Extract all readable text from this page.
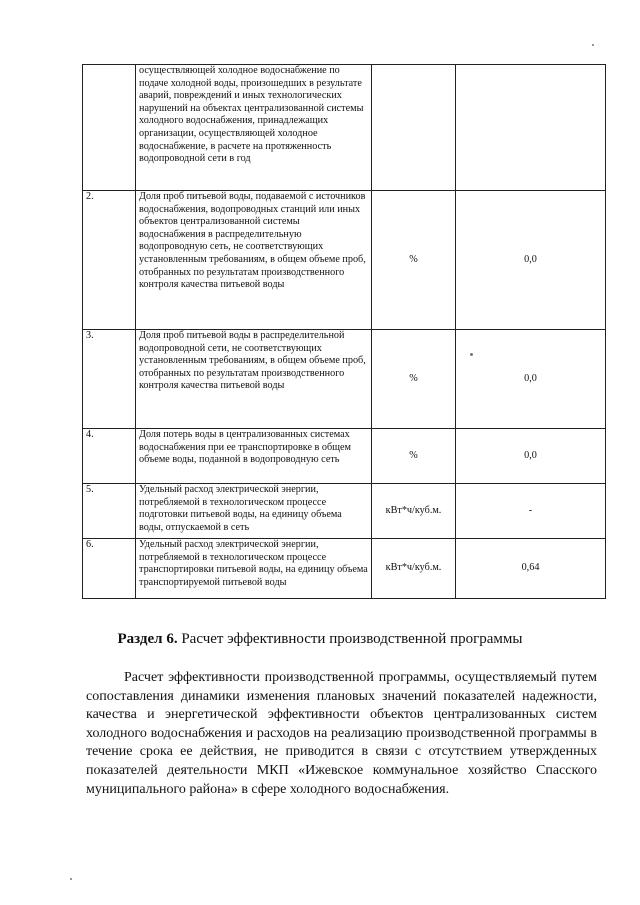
	осуществляющей холодное водоснабжение по подаче холодной воды, произошедших в результате аварий, повреждений и иных технологических нарушений на объектах централизованной системы холодного водоснабжения, принадлежащих организации, осуществляющей холодное водоснабжение, в расчете на протяженность водопроводной сети в год		
2.	Доля проб питьевой воды, подаваемой с источников водоснабжения, водопроводных станций или иных объектов централизованной системы водоснабжения в распределительную водопроводную сеть, не соответствующих установленным требованиям, в общем объеме проб, отобранных по результатам производственного контроля качества питьевой воды	%	0,0
3.	Доля проб питьевой воды в распределительной водопроводной сети, не соответствующих установленным требованиям, в общем объеме проб, отобранных по результатам производственного контроля качества питьевой воды	%	0,0
4.	Доля потерь воды в централизованных системах водоснабжения при ее транспортировке в общем объеме воды, поданной в водопроводную сеть	%	0,0
5.	Удельный расход электрической энергии, потребляемой в технологическом процессе подготовки питьевой воды, на единицу объема воды, отпускаемой в сеть	кВт*ч/куб.м.	-
6.	Удельный расход электрической энергии, потребляемой в технологическом процессе транспортировки питьевой воды, на единицу объема транспортируемой питьевой воды	кВт*ч/куб.м.	0,64
Раздел 6. Расчет эффективности производственной программы

Расчет эффективности производственной программы, осуществляемый путем сопоставления динамики изменения плановых значений показателей надежности, качества и энергетической эффективности объектов централизованных систем холодного водоснабжения и расходов на реализацию производственной программы в течение срока ее действия, не приводится в связи с отсутствием утвержденных показателей деятельности МКП «Ижевское коммунальное хозяйство Спасского муниципального района» в сфере холодного водоснабжения.
